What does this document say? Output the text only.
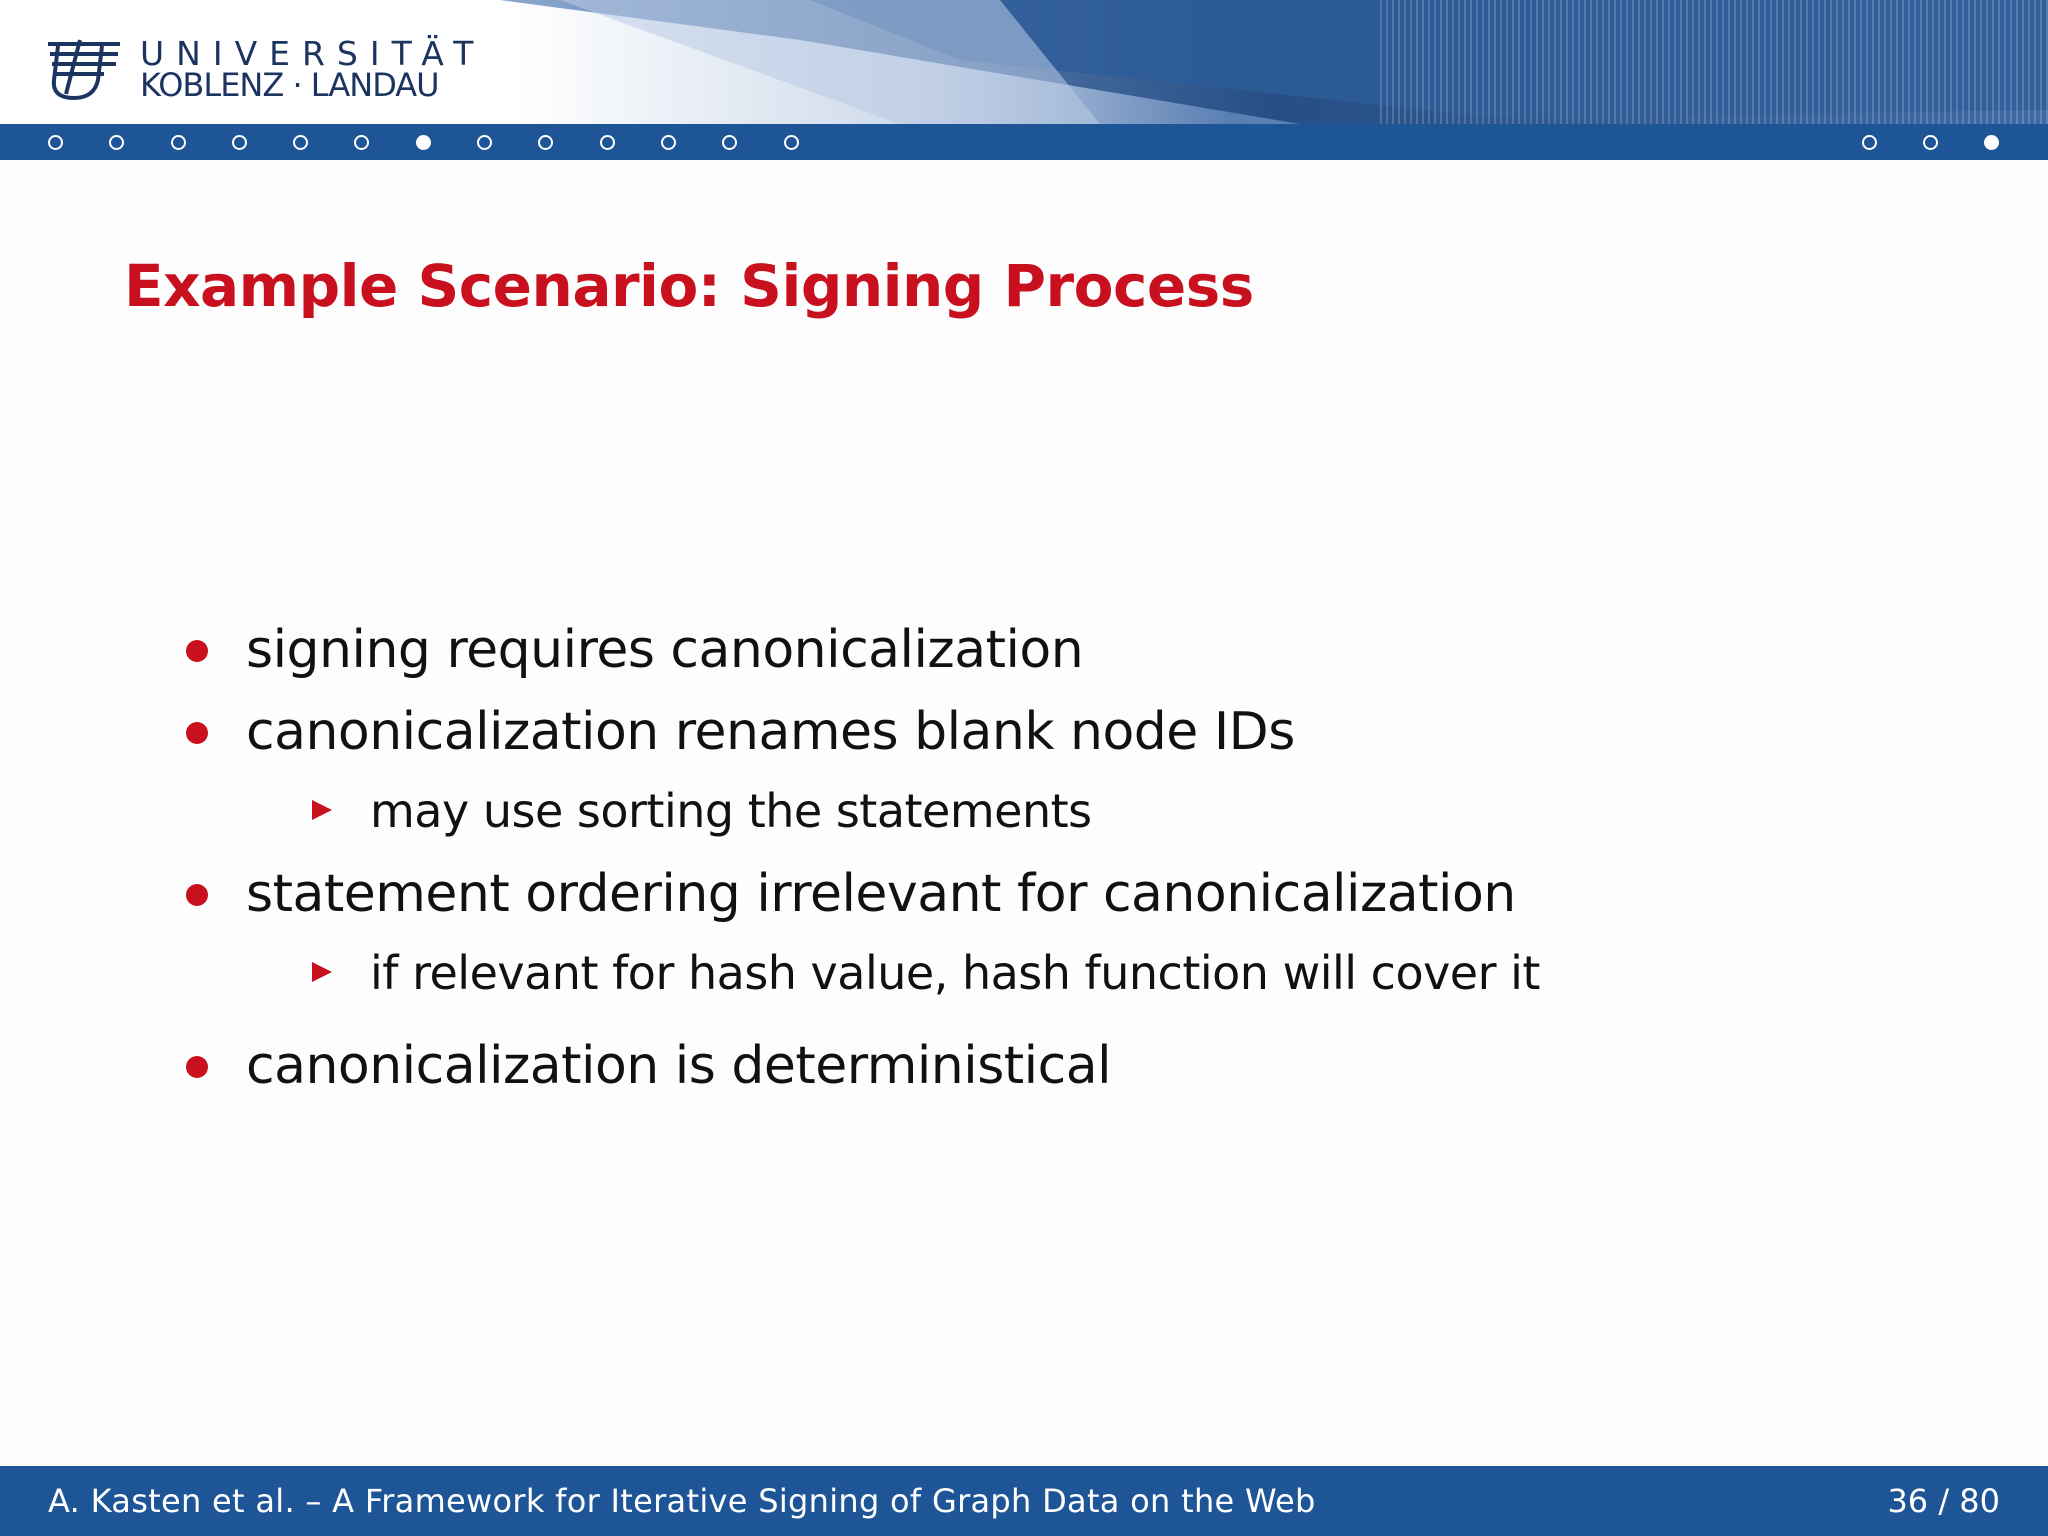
UNIVERSITÄT
KOBLENZ · LANDAU
Example Scenario: Signing Process
signing requires canonicalization
canonicalization renames blank node IDs
may use sorting the statements
statement ordering irrelevant for canonicalization
if relevant for hash value, hash function will cover it
canonicalization is deterministical
A. Kasten et al. – A Framework for Iterative Signing of Graph Data on the Web	36 / 80
